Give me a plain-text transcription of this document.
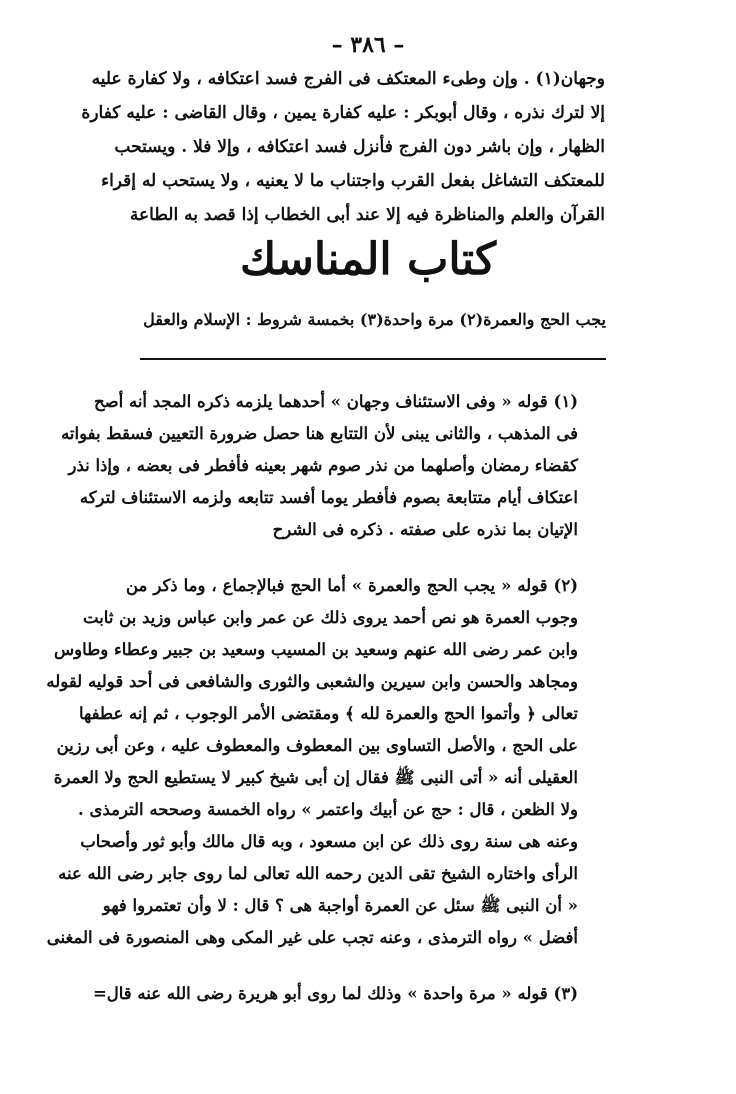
– ٣٨٦ –
وجهان(١) . وإن وطىء المعتكف فى الفرج فسد اعتكافه ، ولا كفارة عليه
إلا لترك نذره ، وقال أبوبكر : عليه كفارة يمين ، وقال القاضى : عليه كفارة
الظهار ، وإن باشر دون الفرج فأنزل فسد اعتكافه ، وإلا فلا . ويستحب
للمعتكف التشاغل بفعل القرب واجتناب ما لا يعنيه ، ولا يستحب له إقراء
القرآن والعلم والمناظرة فيه إلا عند أبى الخطاب إذا قصد به الطاعة
كتاب المناسك
يجب الحج والعمرة(٢) مرة واحدة(٣) بخمسة شروط : الإسلام والعقل
(١) قوله « وفى الاستئناف وجهان » أحدهما يلزمه ذكره المجد أنه أصح
فى المذهب ، والثانى يبنى لأن التتابع هنا حصل ضرورة التعيين فسقط بفواته
كقضاء رمضان وأصلهما من نذر صوم شهر بعينه فأفطر فى بعضه ، وإذا نذر
اعتكاف أيام متتابعة بصوم فأفطر يوما أفسد تتابعه ولزمه الاستئناف لتركه
الإتيان بما نذره على صفته . ذكره فى الشرح
(٢) قوله « يجب الحج والعمرة » أما الحج فبالإجماع ، وما ذكر من
وجوب العمرة هو نص أحمد يروى ذلك عن عمر وابن عباس وزيد بن ثابت
وابن عمر رضى الله عنهم وسعيد بن المسيب وسعيد بن جبير وعطاء وطاوس
ومجاهد والحسن وابن سيرين والشعبى والثورى والشافعى فى أحد قوليه لقوله
تعالى ﴿ وأتموا الحج والعمرة لله ﴾ ومقتضى الأمر الوجوب ، ثم إنه عطفها
على الحج ، والأصل التساوى بين المعطوف والمعطوف عليه ، وعن أبى رزين
العقيلى أنه « أتى النبى ﷺ فقال إن أبى شيخ كبير لا يستطيع الحج ولا العمرة
ولا الظعن ، قال : حج عن أبيك واعتمر » رواه الخمسة وصححه الترمذى .
وعنه هى سنة روى ذلك عن ابن مسعود ، وبه قال مالك وأبو ثور وأصحاب
الرأى واختاره الشيخ تقى الدين رحمه الله تعالى لما روى جابر رضى الله عنه
« أن النبى ﷺ سئل عن العمرة أواجبة هى ؟ قال : لا وأن تعتمروا فهو
أفضل » رواه الترمذى ، وعنه تجب على غير المكى وهى المنصورة فى المغنى
(٣) قوله « مرة واحدة » وذلك لما روى أبو هريرة رضى الله عنه قال=
